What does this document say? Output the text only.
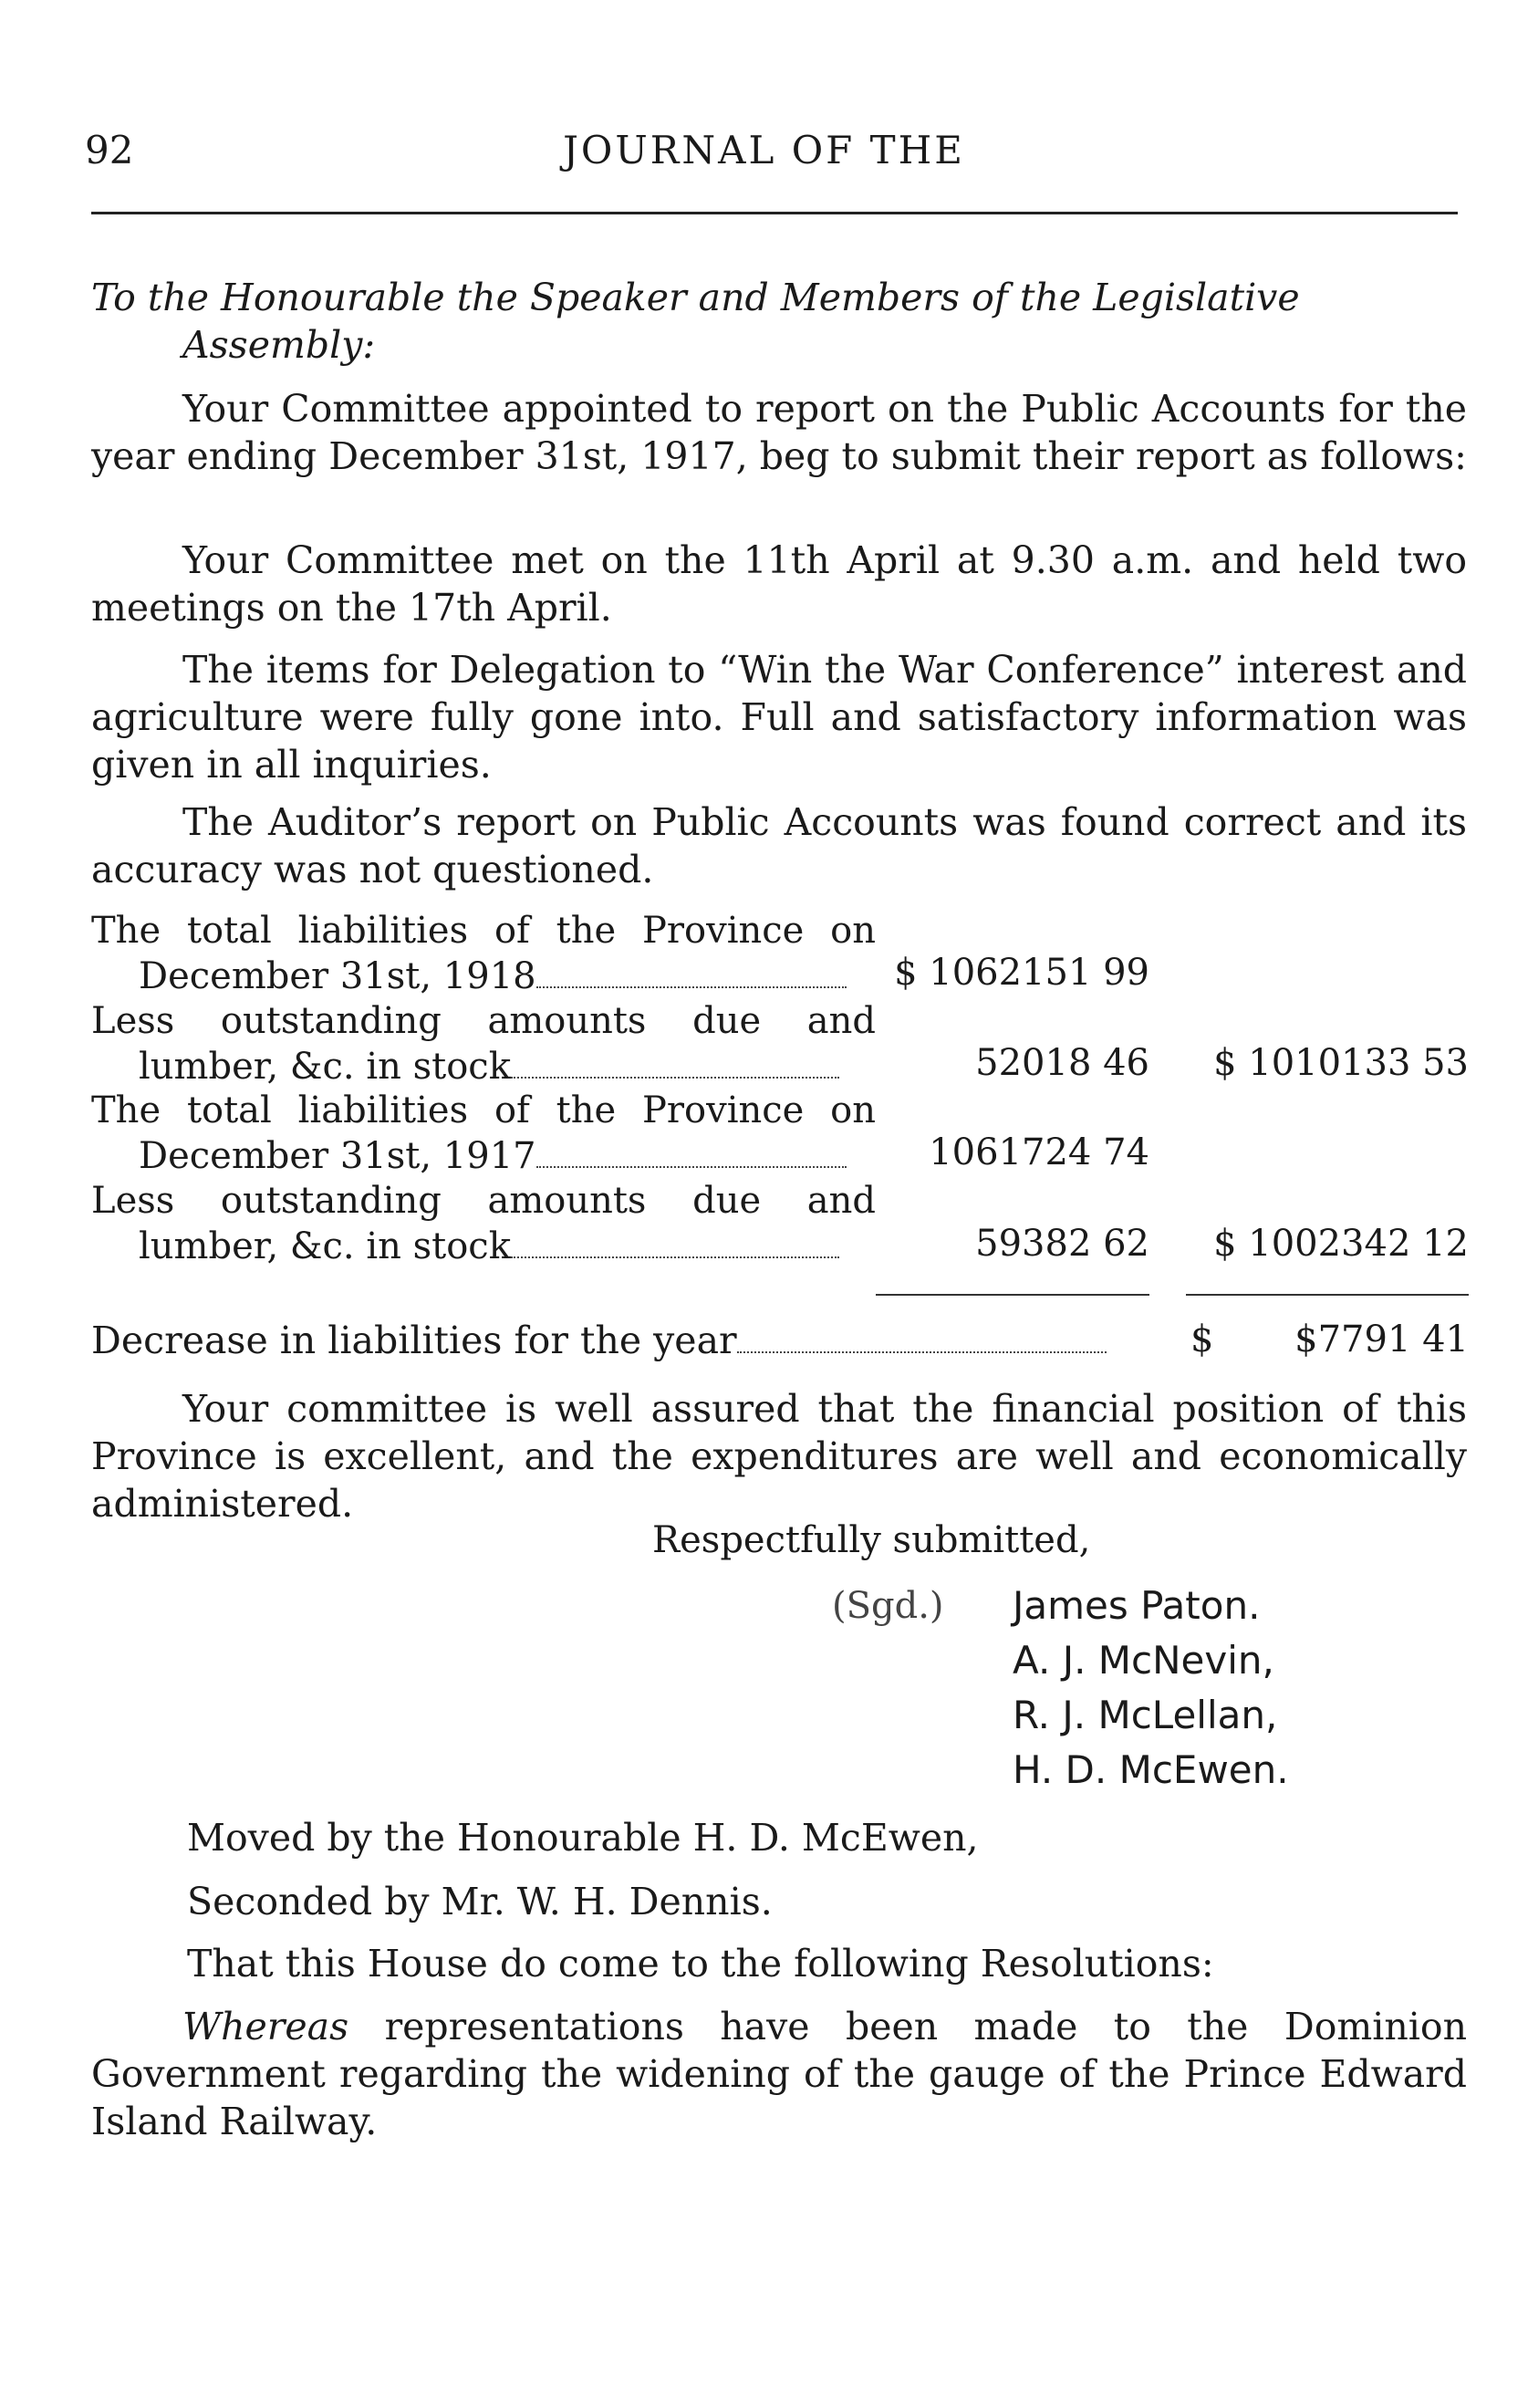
92	JOURNAL OF THE
To the Honourable the Speaker and Members of the Legislative
Assembly:
Your Committee appointed to report on the Public Accounts for the year ending December 31st, 1917, beg to submit their report as follows:
Your Committee met on the 11th April at 9.30 a.m. and held two meetings on the 17th April.
The items for Delegation to “Win the War Conference” interest and agriculture were fully gone into. Full and satisfactory information was given in all inquiries.
The Auditor’s report on Public Accounts was found correct and its accuracy was not questioned.
The total liabilities of the Province on
December 31st, 1918	$ 1062151 99
Less outstanding amounts due and
lumber, &c. in stock	52018 46	$ 1010133 53
The total liabilities of the Province on
December 31st, 1917	1061724 74
Less outstanding amounts due and
lumber, &c. in stock	59382 62	$ 1002342 12
Decrease in liabilities for the year	$	$7791 41
Your committee is well assured that the financial position of this Province is excellent, and the expenditures are well and economically administered.
Respectfully submitted,
(Sgd.) James Paton.
A. J. McNevin,
R. J. McLellan,
H. D. McEwen.
Moved by the Honourable H. D. McEwen,
Seconded by Mr. W. H. Dennis.
That this House do come to the following Resolutions:
Whereas representations have been made to the Dominion Government regarding the widening of the gauge of the Prince Edward Island Railway.
